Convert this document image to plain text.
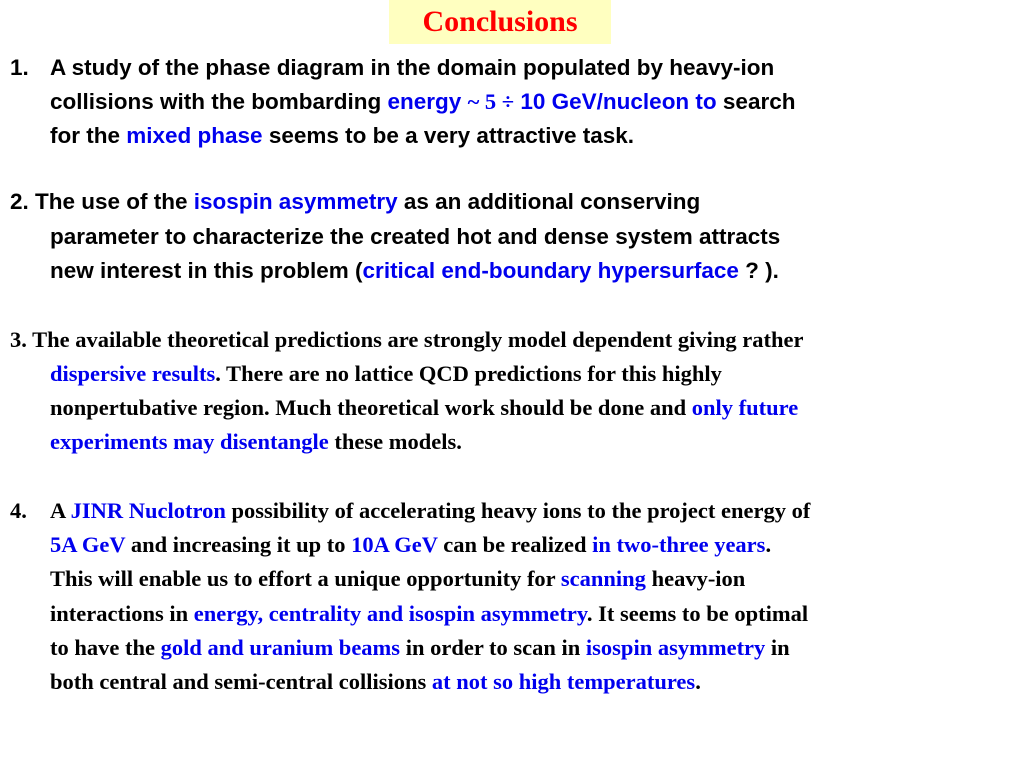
Conclusions
1. A study of the phase diagram in the domain populated by heavy-ion
collisions with the bombarding energy ~ 5 ÷ 10 GeV/nucleon to search
for the mixed phase seems to be a very attractive task.
2. The use of the isospin asymmetry as an additional conserving
parameter to characterize the created hot and dense system attracts
new interest in this problem (critical end-boundary hypersurface ? ).
3. The available theoretical predictions are strongly model dependent giving rather
dispersive results. There are no lattice QCD predictions for this highly
nonpertubative region. Much theoretical work should be done and only future
experiments may disentangle these models.
4. A JINR Nuclotron possibility of accelerating heavy ions to the project energy of
5A GeV and increasing it up to 10A GeV can be realized in two-three years.
This will enable us to effort a unique opportunity for scanning heavy-ion
interactions in energy, centrality and isospin asymmetry. It seems to be optimal
to have the gold and uranium beams in order to scan in isospin asymmetry in
both central and semi-central collisions at not so high temperatures.
